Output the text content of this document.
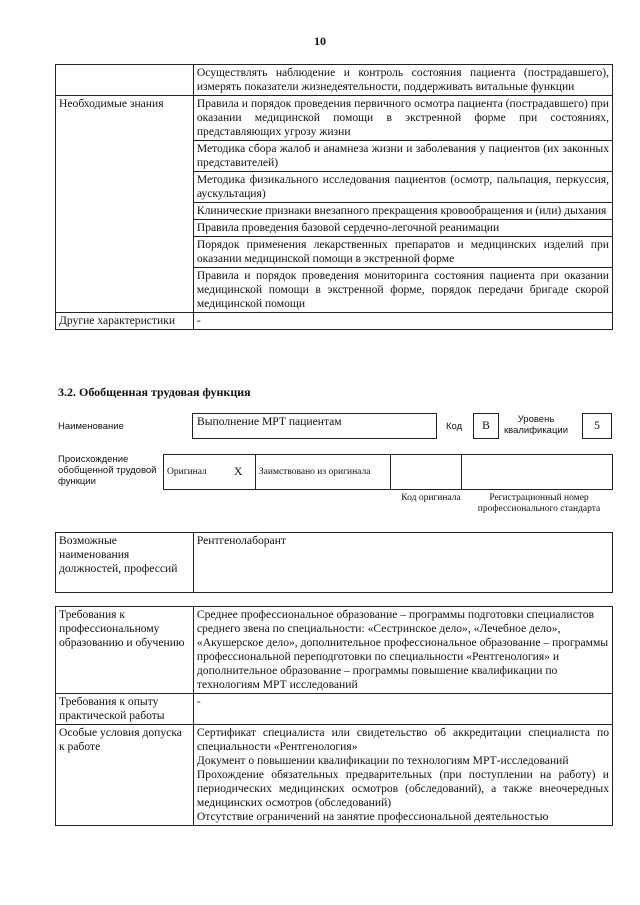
10
	Осуществлять наблюдение и контроль состояния пациента (пострадавшего), измерять показатели жизнедеятельности, поддерживать витальные функции
Необходимые знания	Правила и порядок проведения первичного осмотра пациента (пострадавшего) при оказании медицинской помощи в экстренной форме при состояниях, представляющих угрозу жизни
	Методика сбора жалоб и анамнеза жизни и заболевания у пациентов (их законных представителей)
	Методика физикального исследования пациентов (осмотр, пальпация, перкуссия, аускультация)
	Клинические признаки внезапного прекращения кровообращения и (или) дыхания
	Правила проведения базовой сердечно-легочной реанимации
	Порядок применения лекарственных препаратов и медицинских изделий при оказании медицинской помощи в экстренной форме
	Правила и порядок проведения мониторинга состояния пациента при оказании медицинской помощи в экстренной форме, порядок передачи бригаде скорой медицинской помощи
Другие характеристики	-
3.2. Обобщенная трудовая функция
Наименование	Выполнение МРТ пациентам	Код	B	Уровень квалификации	5
Происхождение обобщенной трудовой функции
Оригинал	X	Заимствовано из оригинала		
Код оригинала	Регистрационный номер профессионального стандарта
Возможные наименования должностей, профессий	Рентгенолаборант
Требования к профессиональному образованию и обучению	Среднее профессиональное образование – программы подготовки специалистов среднего звена по специальности: «Сестринское дело», «Лечебное дело», «Акушерское дело», дополнительное профессиональное образование – программы профессиональной переподготовки по специальности «Рентгенология» и дополнительное образование – программы повышение квалификации по технологиям МРТ исследований
Требования к опыту практической работы	-
Особые условия допуска к работе	Сертификат специалиста или свидетельство об аккредитации специалиста по специальности «Рентгенология»
Документ о повышении квалификации по технологиям МРТ-исследований
Прохождение обязательных предварительных (при поступлении на работу) и периодических медицинских осмотров (обследований), а также внеочередных медицинских осмотров (обследований)
Отсутствие ограничений на занятие профессиональной деятельностью
